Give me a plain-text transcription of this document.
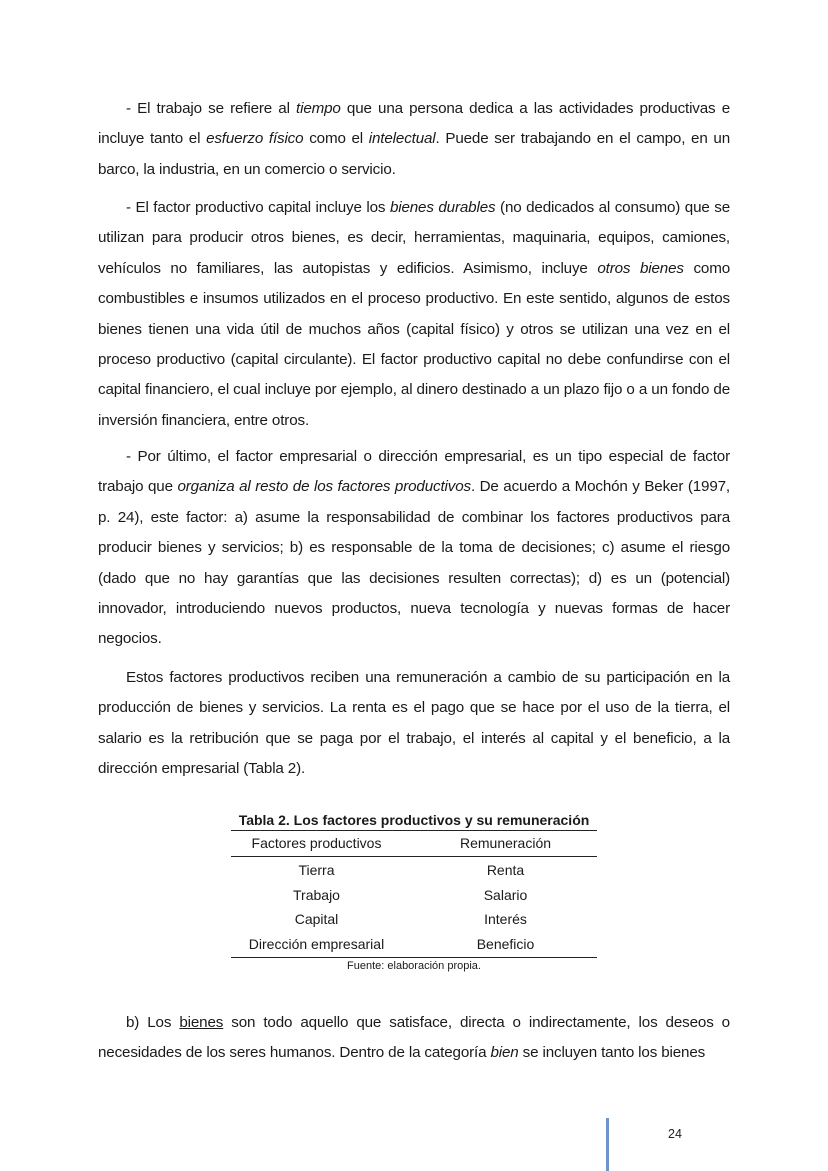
- El trabajo se refiere al tiempo que una persona dedica a las actividades productivas e incluye tanto el esfuerzo físico como el intelectual. Puede ser trabajando en el campo, en un barco, la industria, en un comercio o servicio.

- El factor productivo capital incluye los bienes durables (no dedicados al consumo) que se utilizan para producir otros bienes, es decir, herramientas, maquinaria, equipos, camiones, vehículos no familiares, las autopistas y edificios. Asimismo, incluye otros bienes como combustibles e insumos utilizados en el proceso productivo. En este sentido, algunos de estos bienes tienen una vida útil de muchos años (capital físico) y otros se utilizan una vez en el proceso productivo (capital circulante). El factor productivo capital no debe confundirse con el capital financiero, el cual incluye por ejemplo, al dinero destinado a un plazo fijo o a un fondo de inversión financiera, entre otros.

- Por último, el factor empresarial o dirección empresarial, es un tipo especial de factor trabajo que organiza al resto de los factores productivos. De acuerdo a Mochón y Beker (1997, p. 24), este factor: a) asume la responsabilidad de combinar los factores productivos para producir bienes y servicios; b) es responsable de la toma de decisiones; c) asume el riesgo (dado que no hay garantías que las decisiones resulten correctas); d) es un (potencial) innovador, introduciendo nuevos productos, nueva tecnología y nuevas formas de hacer negocios.

Estos factores productivos reciben una remuneración a cambio de su participación en la producción de bienes y servicios. La renta es el pago que se hace por el uso de la tierra, el salario es la retribución que se paga por el trabajo, el interés al capital y el beneficio, a la dirección empresarial (Tabla 2).

Tabla 2. Los factores productivos y su remuneración
Factores productivos	Remuneración
Tierra	Renta
Trabajo	Salario
Capital	Interés
Dirección empresarial	Beneficio
Fuente: elaboración propia.

b) Los bienes son todo aquello que satisface, directa o indirectamente, los deseos o necesidades de los seres humanos. Dentro de la categoría bien se incluyen tanto los bienes

24
